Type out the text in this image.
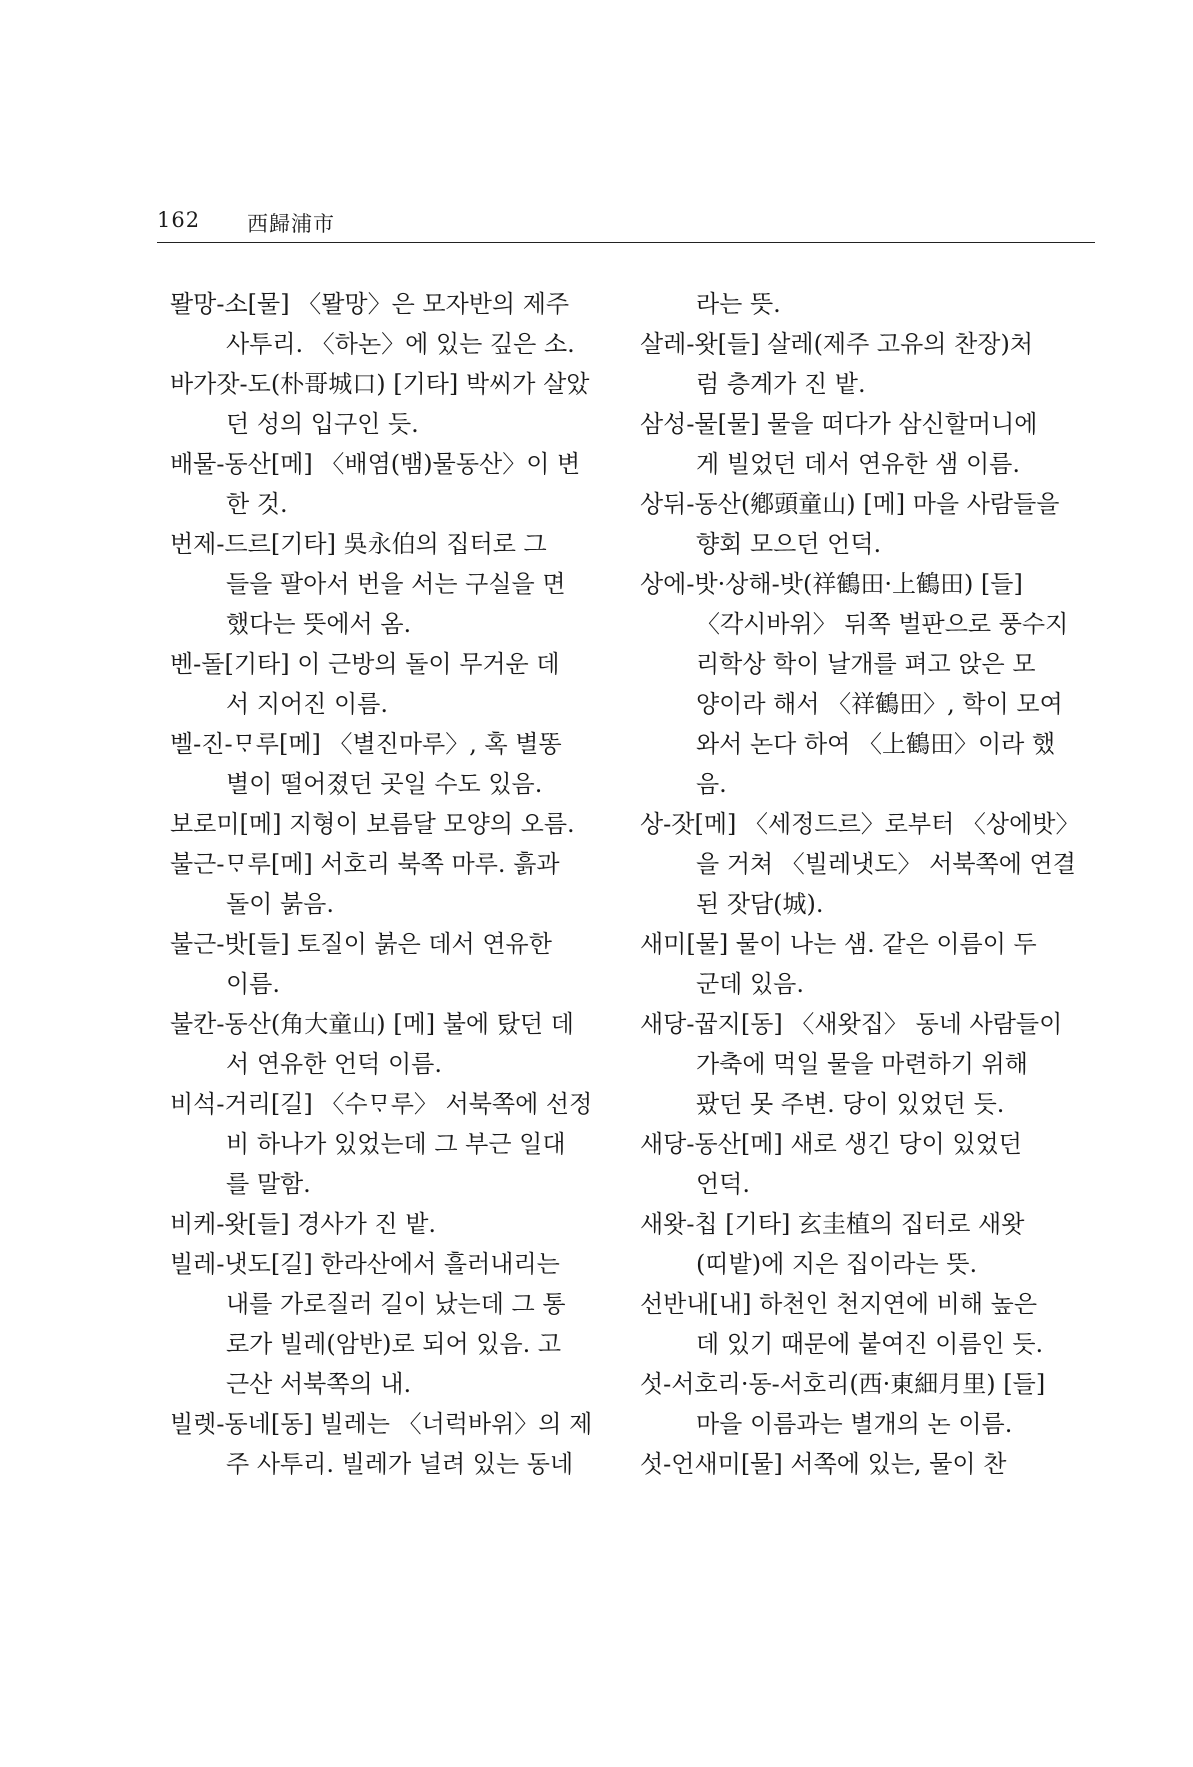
162 西歸浦市
뫌망-소[물] 〈뫌망〉은 모자반의 제주
사투리. 〈하논〉에 있는 깊은 소.
바가잣-도(朴哥城口) [기타] 박씨가 살았
던 성의 입구인 듯.
배물-동산[메] 〈배염(뱀)물동산〉이 변
한 것.
번제-드르[기타] 吳永伯의 집터로 그
들을 팔아서 번을 서는 구실을 면
했다는 뜻에서 옴.
벤-돌[기타] 이 근방의 돌이 무거운 데
서 지어진 이름.
벨-진-ᄆᆞ루[메] 〈별진마루〉, 혹 별똥
별이 떨어졌던 곳일 수도 있음.
보로미[메] 지형이 보름달 모양의 오름.
불근-ᄆᆞ루[메] 서호리 북쪽 마루. 흙과
돌이 붉음.
불근-밧[들] 토질이 붉은 데서 연유한
이름.
불칸-동산(角大童山) [메] 불에 탔던 데
서 연유한 언덕 이름.
비석-거리[길] 〈수ᄆᆞ루〉 서북쪽에 선정
비 하나가 있었는데 그 부근 일대
를 말함.
비케-왓[들] 경사가 진 밭.
빌레-냇도[길] 한라산에서 흘러내리는
내를 가로질러 길이 났는데 그 통
로가 빌레(암반)로 되어 있음. 고
근산 서북쪽의 내.
빌렛-동네[동] 빌레는 〈너럭바위〉의 제
주 사투리. 빌레가 널려 있는 동네
라는 뜻.
살레-왓[들] 살레(제주 고유의 찬장)처
럼 층계가 진 밭.
삼성-물[물] 물을 떠다가 삼신할머니에
게 빌었던 데서 연유한 샘 이름.
상뒤-동산(鄕頭童山) [메] 마을 사람들을
향회 모으던 언덕.
상에-밧·상해-밧(祥鶴田·上鶴田) [들]
〈각시바위〉 뒤쪽 벌판으로 풍수지
리학상 학이 날개를 펴고 앉은 모
양이라 해서 〈祥鶴田〉, 학이 모여
와서 논다 하여 〈上鶴田〉이라 했
음.
상-잣[메] 〈세정드르〉로부터 〈상에밧〉
을 거쳐 〈빌레냇도〉 서북쪽에 연결
된 잣담(城).
새미[물] 물이 나는 샘. 같은 이름이 두
군데 있음.
새당-꿉지[동] 〈새왓집〉 동네 사람들이
가축에 먹일 물을 마련하기 위해
팠던 못 주변. 당이 있었던 듯.
새당-동산[메] 새로 생긴 당이 있었던
언덕.
새왓-칩 [기타] 玄圭植의 집터로 새왓
(띠밭)에 지은 집이라는 뜻.
선반내[내] 하천인 천지연에 비해 높은
데 있기 때문에 붙여진 이름인 듯.
섯-서호리·동-서호리(西·東細月里) [들]
마을 이름과는 별개의 논 이름.
섯-언새미[물] 서쪽에 있는, 물이 찬
